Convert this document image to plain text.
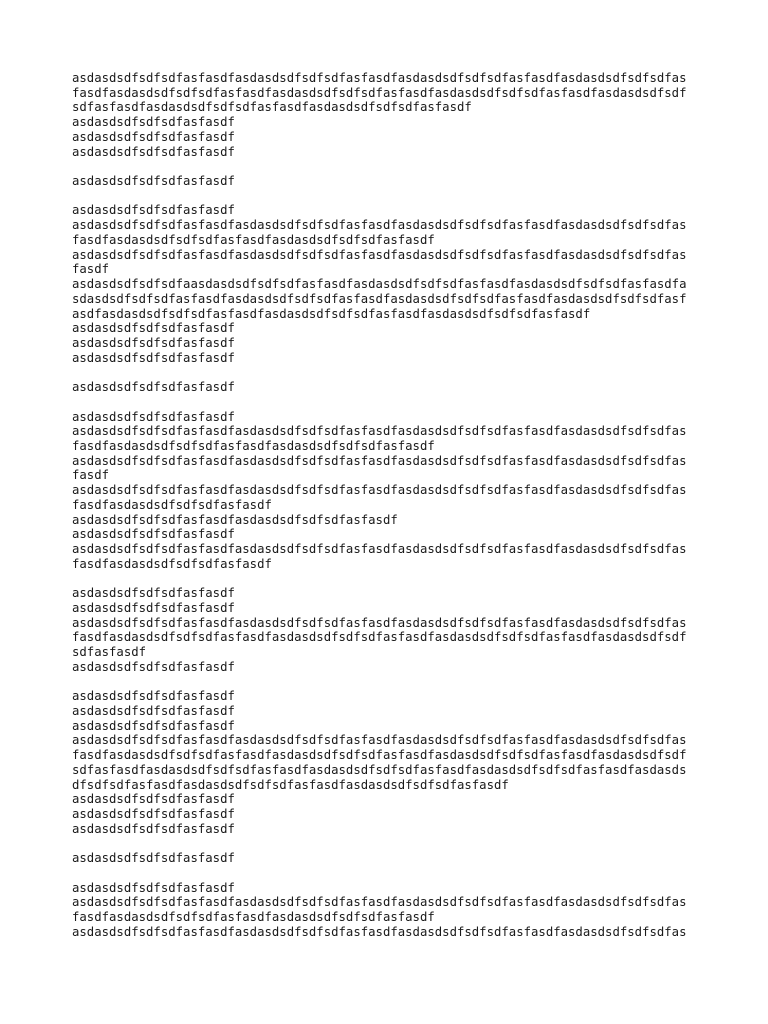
asdasdsdfsdfsdfasfasdfasdasdsdfsdfsdfasfasdfasdasdsdfsdfsdfasfasdfasdasdsdfsdfsdfas
fasdfasdasdsdfsdfsdfasfasdfasdasdsdfsdfsdfasfasdfasdasdsdfsdfsdfasfasdfasdasdsdfsdf
sdfasfasdfasdasdsdfsdfsdfasfasdfasdasdsdfsdfsdfasfasdf
asdasdsdfsdfsdfasfasdf
asdasdsdfsdfsdfasfasdf
asdasdsdfsdfsdfasfasdf
asdasdsdfsdfsdfasfasdf
asdasdsdfsdfsdfasfasdf
asdasdsdfsdfsdfasfasdfasdasdsdfsdfsdfasfasdfasdasdsdfsdfsdfasfasdfasdasdsdfsdfsdfas
fasdfasdasdsdfsdfsdfasfasdfasdasdsdfsdfsdfasfasdf
asdasdsdfsdfsdfasfasdfasdasdsdfsdfsdfasfasdfasdasdsdfsdfsdfasfasdfasdasdsdfsdfsdfas
fasdf
asdasdsdfsdfsdfaasdasdsdfsdfsdfasfasdfasdasdsdfsdfsdfasfasdfasdasdsdfsdfsdfasfasdfa
sdasdsdfsdfsdfasfasdfasdasdsdfsdfsdfasfasdfasdasdsdfsdfsdfasfasdfasdasdsdfsdfsdfasf
asdfasdasdsdfsdfsdfasfasdfasdasdsdfsdfsdfasfasdfasdasdsdfsdfsdfasfasdf
asdasdsdfsdfsdfasfasdf
asdasdsdfsdfsdfasfasdf
asdasdsdfsdfsdfasfasdf
asdasdsdfsdfsdfasfasdf
asdasdsdfsdfsdfasfasdf
asdasdsdfsdfsdfasfasdfasdasdsdfsdfsdfasfasdfasdasdsdfsdfsdfasfasdfasdasdsdfsdfsdfas
fasdfasdasdsdfsdfsdfasfasdfasdasdsdfsdfsdfasfasdf
asdasdsdfsdfsdfasfasdfasdasdsdfsdfsdfasfasdfasdasdsdfsdfsdfasfasdfasdasdsdfsdfsdfas
fasdf
asdasdsdfsdfsdfasfasdfasdasdsdfsdfsdfasfasdfasdasdsdfsdfsdfasfasdfasdasdsdfsdfsdfas
fasdfasdasdsdfsdfsdfasfasdf
asdasdsdfsdfsdfasfasdfasdasdsdfsdfsdfasfasdf
asdasdsdfsdfsdfasfasdf
asdasdsdfsdfsdfasfasdfasdasdsdfsdfsdfasfasdfasdasdsdfsdfsdfasfasdfasdasdsdfsdfsdfas
fasdfasdasdsdfsdfsdfasfasdf
asdasdsdfsdfsdfasfasdf
asdasdsdfsdfsdfasfasdf
asdasdsdfsdfsdfasfasdfasdasdsdfsdfsdfasfasdfasdasdsdfsdfsdfasfasdfasdasdsdfsdfsdfas
fasdfasdasdsdfsdfsdfasfasdfasdasdsdfsdfsdfasfasdfasdasdsdfsdfsdfasfasdfasdasdsdfsdf
sdfasfasdf
asdasdsdfsdfsdfasfasdf
asdasdsdfsdfsdfasfasdf
asdasdsdfsdfsdfasfasdf
asdasdsdfsdfsdfasfasdf
asdasdsdfsdfsdfasfasdfasdasdsdfsdfsdfasfasdfasdasdsdfsdfsdfasfasdfasdasdsdfsdfsdfas
fasdfasdasdsdfsdfsdfasfasdfasdasdsdfsdfsdfasfasdfasdasdsdfsdfsdfasfasdfasdasdsdfsdf
sdfasfasdfasdasdsdfsdfsdfasfasdfasdasdsdfsdfsdfasfasdfasdasdsdfsdfsdfasfasdfasdasds
dfsdfsdfasfasdfasdasdsdfsdfsdfasfasdfasdasdsdfsdfsdfasfasdf
asdasdsdfsdfsdfasfasdf
asdasdsdfsdfsdfasfasdf
asdasdsdfsdfsdfasfasdf
asdasdsdfsdfsdfasfasdf
asdasdsdfsdfsdfasfasdf
asdasdsdfsdfsdfasfasdfasdasdsdfsdfsdfasfasdfasdasdsdfsdfsdfasfasdfasdasdsdfsdfsdfas
fasdfasdasdsdfsdfsdfasfasdfasdasdsdfsdfsdfasfasdf
asdasdsdfsdfsdfasfasdfasdasdsdfsdfsdfasfasdfasdasdsdfsdfsdfasfasdfasdasdsdfsdfsdfas
